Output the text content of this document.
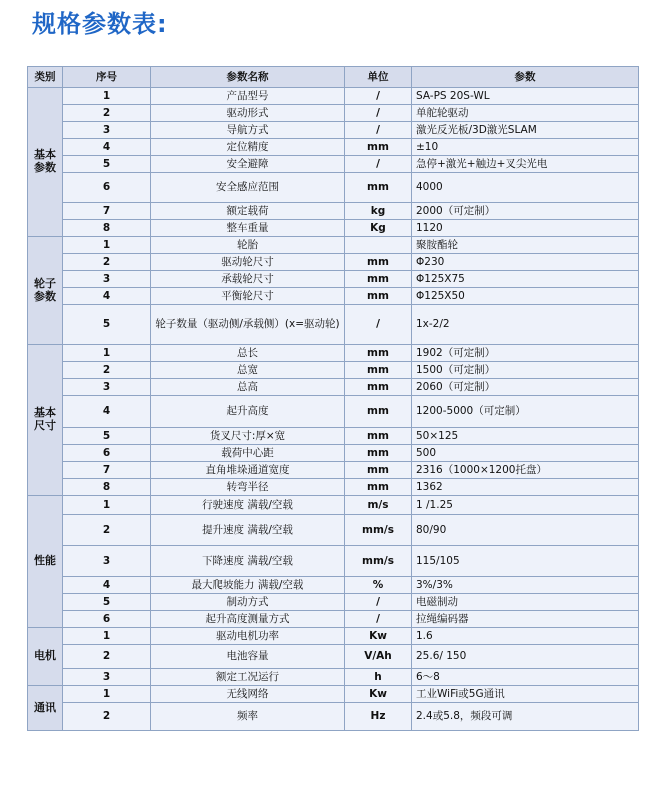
规格参数表:
类别	序号	参数名称	单位	参数
基本
参数	1	产品型号	/	SA-PS 20S-WL
	2	驱动形式	/	单舵轮驱动
	3	导航方式	/	激光反光板/3D激光SLAM
	4	定位精度	mm	±10
	5	安全避障	/	急停+激光+触边+叉尖光电
	6	安全感应范围	mm	4000
	7	额定载荷	kg	2000（可定制）
	8	整车重量	Kg	1120
轮子
参数	1	轮胎		聚胺酯轮
	2	驱动轮尺寸	mm	Φ230
	3	承载轮尺寸	mm	Φ125X75
	4	平衡轮尺寸	mm	Φ125X50
	5	轮子数量（驱动侧/承载侧）(x=驱动轮)	/	1x-2/2
基本
尺寸	1	总长	mm	1902（可定制）
	2	总宽	mm	1500（可定制）
	3	总高	mm	2060（可定制）
	4	起升高度	mm	1200-5000（可定制）
	5	货叉尺寸:厚×宽	mm	50×125
	6	载荷中心距	mm	500
	7	直角堆垛通道宽度	mm	2316（1000×1200托盘）
	8	转弯半径	mm	1362
性能	1	行驶速度 满载/空载	m/s	1 /1.25
	2	提升速度 满载/空载	mm/s	80/90
	3	下降速度 满载/空载	mm/s	115/105
	4	最大爬坡能力 满载/空载	%	3%/3%
	5	制动方式	/	电磁制动
	6	起升高度测量方式	/	拉绳编码器
电机	1	驱动电机功率	Kw	1.6
	2	电池容量	V/Ah	25.6/ 150
	3	额定工况运行	h	6～8
通讯	1	无线网络	Kw	工业WiFi或5G通讯
	2	频率	Hz	2.4或5.8，频段可调
